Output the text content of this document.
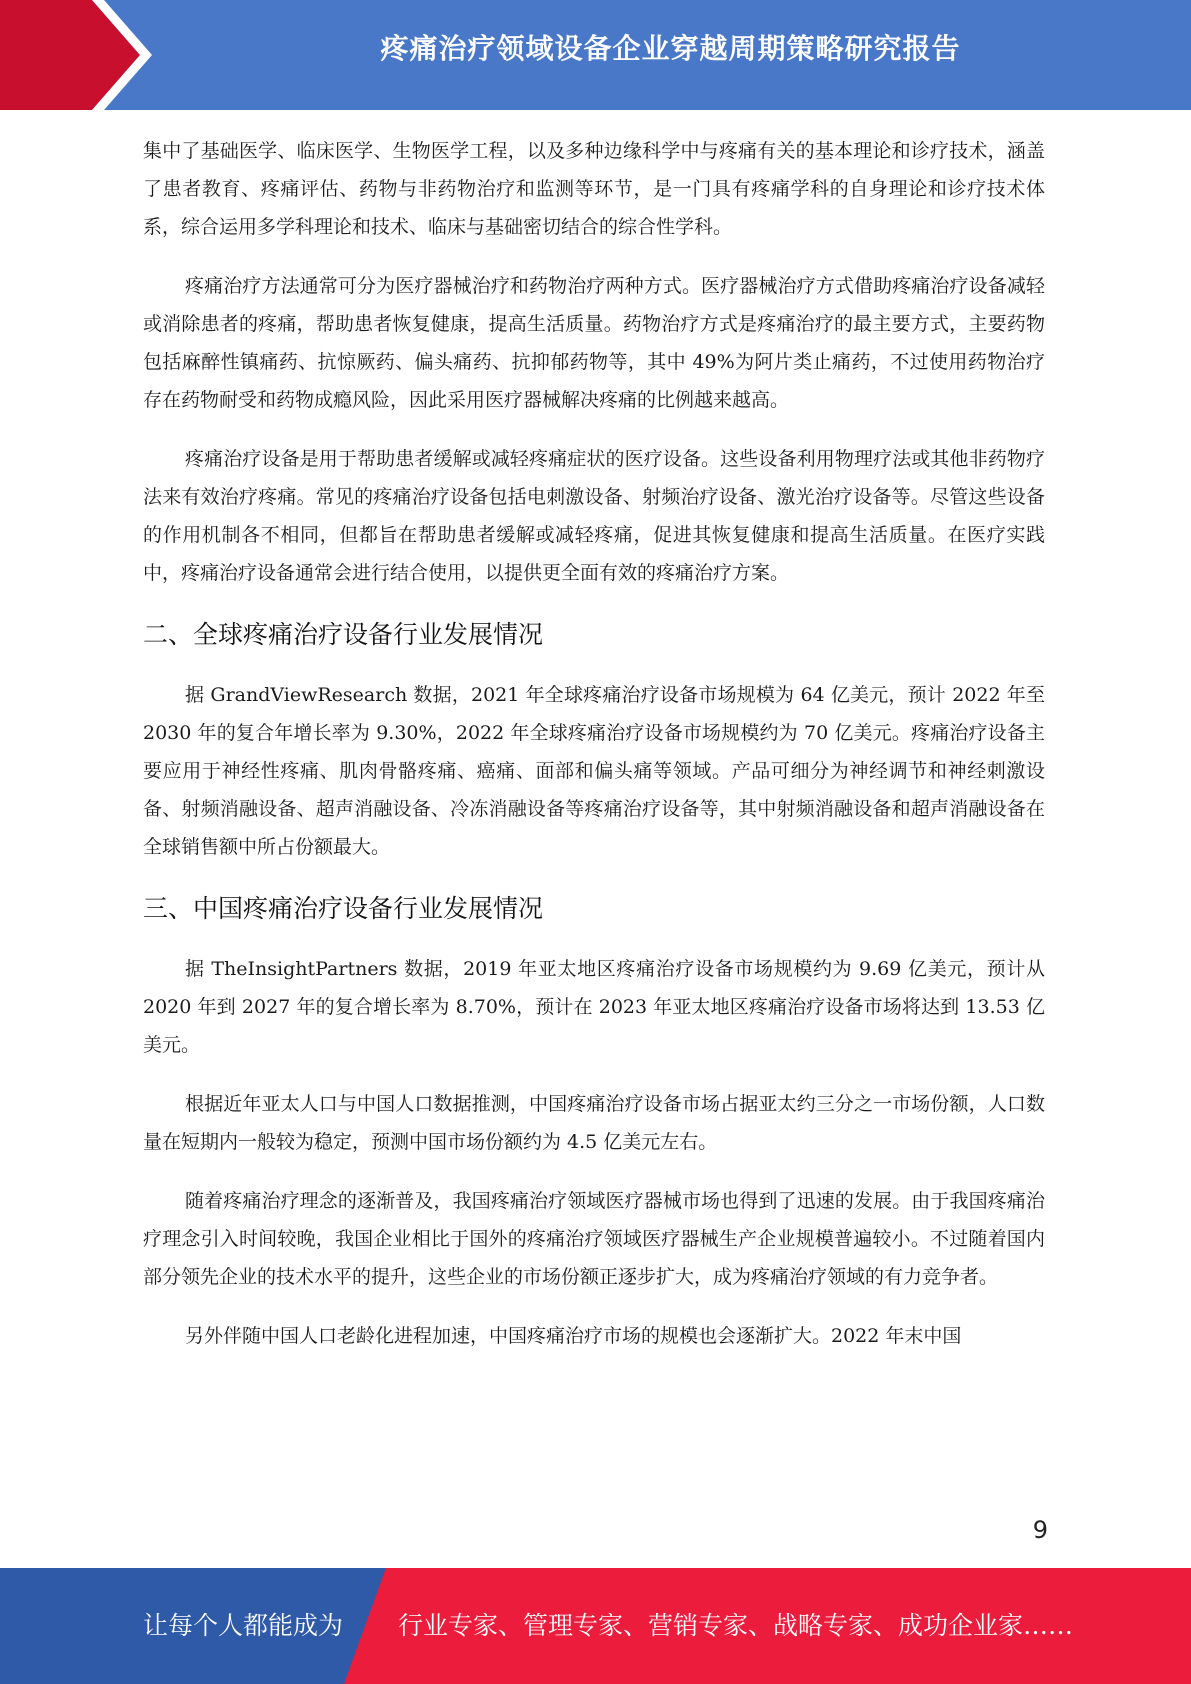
疼痛治疗领域设备企业穿越周期策略研究报告

集中了基础医学、临床医学、生物医学工程，以及多种边缘科学中与疼痛有关的基本理论和诊疗技术，涵盖了患者教育、疼痛评估、药物与非药物治疗和监测等环节，是一门具有疼痛学科的自身理论和诊疗技术体系，综合运用多学科理论和技术、临床与基础密切结合的综合性学科。

疼痛治疗方法通常可分为医疗器械治疗和药物治疗两种方式。医疗器械治疗方式借助疼痛治疗设备减轻或消除患者的疼痛，帮助患者恢复健康，提高生活质量。药物治疗方式是疼痛治疗的最主要方式，主要药物包括麻醉性镇痛药、抗惊厥药、偏头痛药、抗抑郁药物等，其中 49%为阿片类止痛药，不过使用药物治疗存在药物耐受和药物成瘾风险，因此采用医疗器械解决疼痛的比例越来越高。

疼痛治疗设备是用于帮助患者缓解或减轻疼痛症状的医疗设备。这些设备利用物理疗法或其他非药物疗法来有效治疗疼痛。常见的疼痛治疗设备包括电刺激设备、射频治疗设备、激光治疗设备等。尽管这些设备的作用机制各不相同，但都旨在帮助患者缓解或减轻疼痛，促进其恢复健康和提高生活质量。在医疗实践中，疼痛治疗设备通常会进行结合使用，以提供更全面有效的疼痛治疗方案。

二、全球疼痛治疗设备行业发展情况

据 GrandViewResearch 数据，2021 年全球疼痛治疗设备市场规模为 64 亿美元，预计 2022 年至 2030 年的复合年增长率为 9.30%，2022 年全球疼痛治疗设备市场规模约为 70 亿美元。疼痛治疗设备主要应用于神经性疼痛、肌肉骨骼疼痛、癌痛、面部和偏头痛等领域。产品可细分为神经调节和神经刺激设备、射频消融设备、超声消融设备、冷冻消融设备等疼痛治疗设备等，其中射频消融设备和超声消融设备在全球销售额中所占份额最大。

三、中国疼痛治疗设备行业发展情况

据 TheInsightPartners 数据，2019 年亚太地区疼痛治疗设备市场规模约为 9.69 亿美元，预计从 2020 年到 2027 年的复合增长率为 8.70%，预计在 2023 年亚太地区疼痛治疗设备市场将达到 13.53 亿美元。

根据近年亚太人口与中国人口数据推测，中国疼痛治疗设备市场占据亚太约三分之一市场份额，人口数量在短期内一般较为稳定，预测中国市场份额约为 4.5 亿美元左右。

随着疼痛治疗理念的逐渐普及，我国疼痛治疗领域医疗器械市场也得到了迅速的发展。由于我国疼痛治疗理念引入时间较晚，我国企业相比于国外的疼痛治疗领域医疗器械生产企业规模普遍较小。不过随着国内部分领先企业的技术水平的提升，这些企业的市场份额正逐步扩大，成为疼痛治疗领域的有力竞争者。

另外伴随中国人口老龄化进程加速，中国疼痛治疗市场的规模也会逐渐扩大。2022 年末中国

9
让每个人都能成为 行业专家、管理专家、营销专家、战略专家、成功企业家……
